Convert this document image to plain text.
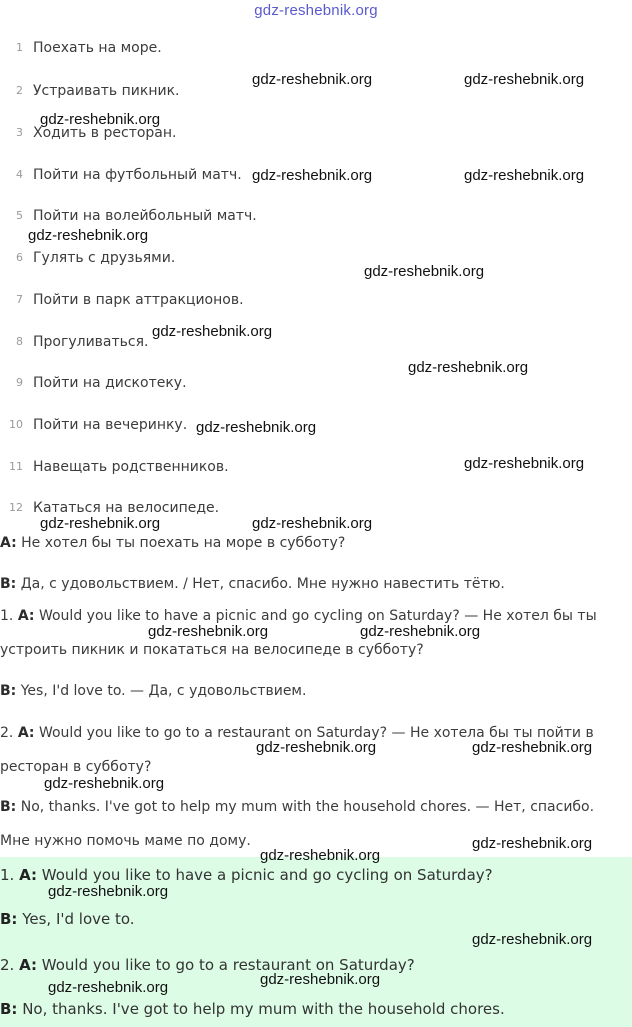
gdz-reshebnik.org
1 Поехать на море.
2 Устраивать пикник.
3 Ходить в ресторан.
4 Пойти на футбольный матч.
5 Пойти на волейбольный матч.
6 Гулять с друзьями.
7 Пойти в парк аттракционов.
8 Прогуливаться.
9 Пойти на дискотеку.
10 Пойти на вечеринку.
11 Навещать родственников.
12 Кататься на велосипеде.
A: Не хотел бы ты поехать на море в субботу?
B: Да, с удовольствием. / Нет, спасибо. Мне нужно навестить тётю.
1. A: Would you like to have a picnic and go cycling on Saturday? — Не хотел бы ты
устроить пикник и покататься на велосипеде в субботу?
B: Yes, I'd love to. — Да, с удовольствием.
2. A: Would you like to go to a restaurant on Saturday? — Не хотела бы ты пойти в
ресторан в субботу?
B: No, thanks. I've got to help my mum with the household chores. — Нет, спасибо.
Мне нужно помочь маме по дому.
1. A: Would you like to have a picnic and go cycling on Saturday?
B: Yes, I'd love to.
2. A: Would you like to go to a restaurant on Saturday?
B: No, thanks. I've got to help my mum with the household chores.
gdz-reshebnik.org	gdz-reshebnik.org
gdz-reshebnik.org
gdz-reshebnik.org	gdz-reshebnik.org
gdz-reshebnik.org
gdz-reshebnik.org
gdz-reshebnik.org
gdz-reshebnik.org
gdz-reshebnik.org
gdz-reshebnik.org
gdz-reshebnik.org	gdz-reshebnik.org
gdz-reshebnik.org	gdz-reshebnik.org
gdz-reshebnik.org	gdz-reshebnik.org
gdz-reshebnik.org
gdz-reshebnik.org
gdz-reshebnik.org
gdz-reshebnik.org
gdz-reshebnik.org
gdz-reshebnik.org
gdz-reshebnik.org
